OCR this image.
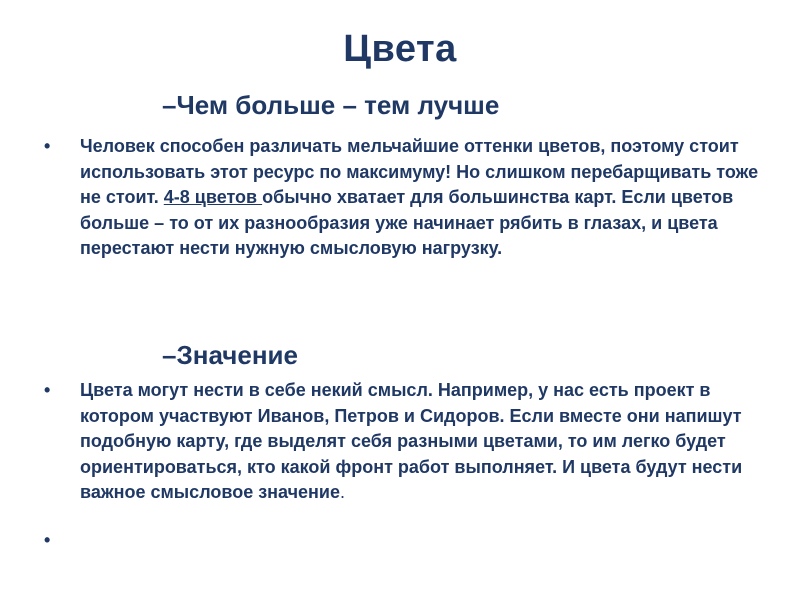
Цвета
–Чем больше – тем лучше
• Человек способен различать мельчайшие оттенки цветов, поэтому стоит использовать этот ресурс по максимуму! Но слишком перебарщивать тоже не стоит. 4-8 цветов обычно хватает для большинства карт. Если цветов больше – то от их разнообразия уже начинает рябить в глазах, и цвета перестают нести нужную смысловую нагрузку.
–Значение
• Цвета могут нести в себе некий смысл. Например, у нас есть проект в котором участвуют Иванов, Петров и Сидоров. Если вместе они напишут подобную карту, где выделят себя разными цветами, то им легко будет ориентироваться, кто какой фронт работ выполняет. И цвета будут нести важное смысловое значение.
•
